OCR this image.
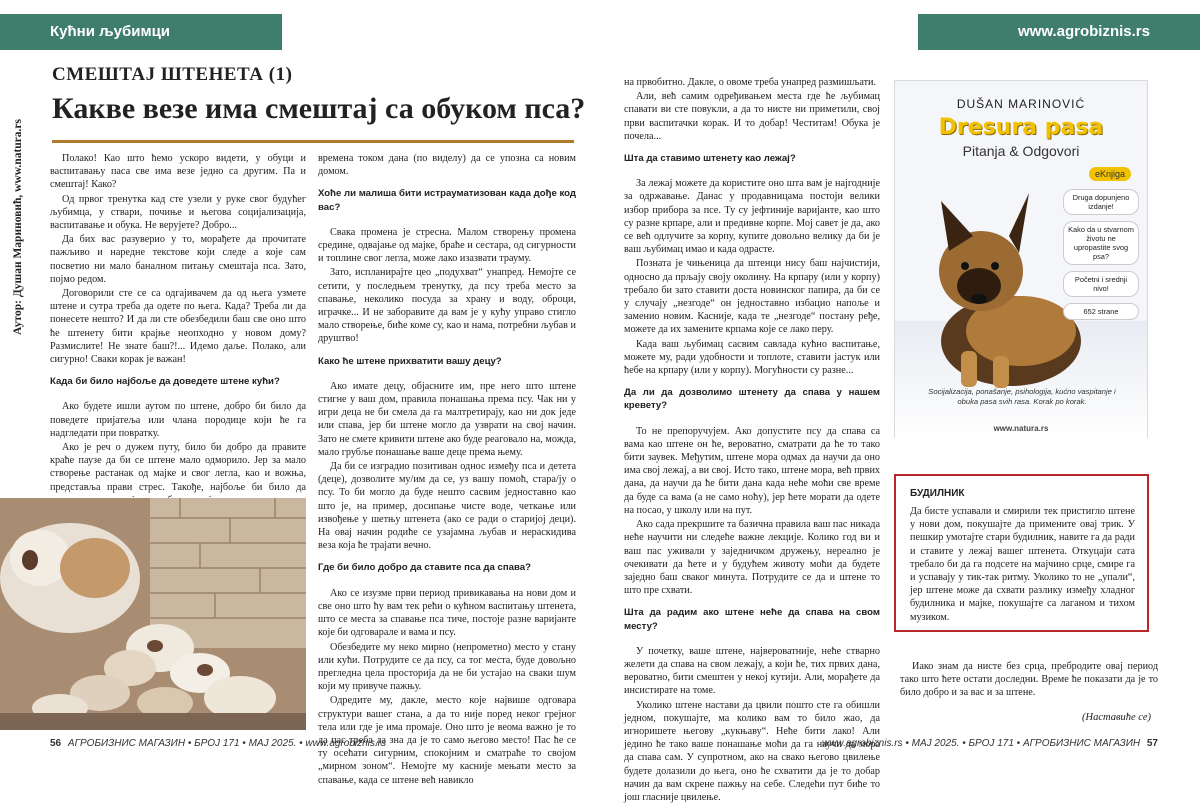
Кућни љубимци	www.agrobiznis.rs
Аутор: Душан Мариновић, www.natura.rs
СМЕШТАЈ ШТЕНЕТА (1)
Какве везе има смештај са обуком пса?

Полако! Као што ћемо ускоро видети, у обуци и васпитавању паса све има везе једно са другим. Па и смештај! Како?

Од првог тренутка кад сте узели у руке свог будућег љубимца, у ствари, почиње и његова социјализација, васпитавање и обука. Не верујете? Добро...

Да бих вас разуверио у то, морађете да прочитате пажљиво и наредне текстове који следе а које сам посветио ни мало баналном питању смештаја пса. Зато, појмо редом.

Договорили сте се са одгајивачем да од њега узмете штене и сутра треба да одете по њега. Када? Треба ли да понесете нешто? И да ли сте обезбедили баш све оно што ће штенету бити крајње неопходно у новом дому? Размислите! Не знате баш?!... Идемо даље. Полако, али сигурно! Сваки корак је важан!

Када би било најбоље да доведете штене кући?

Ако будете ишли аутом по штене, добро би било да поведете пријатеља или члана породице који ће га надгледати при повратку.

Ако је реч о дужем путу, било би добро да правите краће паузе да би се штене мало одморило. Јер за мало створење растанак од мајке и свог легла, као и вожња, представља прави стрес. Такође, најбоље би било да

времена током дана (по виделу) да се упозна са новим домом.

Хоће ли малиша бити истрауматизован када дође код вас?

Свака промена је стресна. Малом створењу промена средине, одвајање од мајке, браће и сестара, од сигурности и топлине свог легла, може лако изазвати трауму.

Зато, испланирајте цео „подухват“ унапред. Немојте се сетити, у последњем тренутку, да псу треба место за спавање, неколико посуда за храну и воду, оброци, играчке... И не заборавите да вам је у кућу управо стигло мало створење, биће коме су, као и нама, потребни љубав и друштво!

Како ће штене прихватити вашу децу?

Ако имате децу, објасните им, пре него што штене стигне у ваш дом, правила понашања према псу. Чак ни у игри деца не би смела да га малтретирају, као ни док једе или спава, јер би штене могло да узврати на свој начин. Зато не смете кривити штене ако буде реаговало на, можда, мало грубље понашање ваше деце према њему.

Да би се изградио позитиван однос између пса и детета (деце), дозволите му/им да се, уз вашу помоћ, стара/ју о псу. То би могло да буде нешто сасвим једноставно као што је, на пример, досипање чисте воде, четкање или извођење у шетњу штенета (ако се ради о старијој деци). На овај начин родиће се узајамна љубав и нераскидива веза која ће трајати вечно.

Где би било добро да ставите пса да спава?

Ако се изузме први период привикавања на нови дом и све оно што ћу вам тек рећи о кућном васпитању штенета, што се места за спавање пса тиче, постоје разне варијанте које би одговарале и вама и псу.

Обезбедите му неко мирно (непрометно) место у стану или кући. Потрудите се да псу, са тог места, буде довољно прегледна цела просторија да не би устајао на сваки шум који му привуче пажњу.

Одредите му, дакле, место које највише одговара структури вашег стана, а да то није поред неког грејног тела или где је има промаје. Оно што је веома важно је то да пас треба да зна да је то само његово место! Пас ће се ту осећати сигурним, спокојним и сматраће то својом „мирном зоном“. Немојте му касније мењати место за спавање, када се штене већ навикло

на првобитно. Дакле, о овоме треба унапред размишљати.

Али, већ самим одређивањем места где ће љубимац спавати ви сте повукли, а да то нисте ни приметили, свој први васпитачки корак. И то добар! Честитам! Обука је почела...

Шта да ставимо штенету као лежај?

За лежај можете да користите оно шта вам је најгодније за одржавање. Данас у продавницама постоји велики избор прибора за псе. Ту су јефтиније варијанте, као што су разне крпаре, али и предивне корпе. Мој савет је да, ако се већ одлучите за корпу, купите довољно велику да би је ваш љубимац имао и када одрасте.

Позната је чињеница да штенци нису баш најчистији, односно да прљају своју околину. На крпару (или у корпу) требало би зато ставити доста новинског папира, да би се у случају „незгоде“ он једноставно избацио напоље и заменио новим. Касније, када те „незгоде“ постану ређе, можете да их замените крпама које се лако перу.

Када ваш љубимац сасвим савлада кућно васпитање, можете му, ради удобности и топлоте, ставити јастук или ћебе на крпару (или у корпу). Могућности су разне...

Да ли да дозволимо штенету да спава у нашем кревету?

То не препоручујем. Ако допустите псу да спава са вама као штене он ће, вероватно, сматрати да ће то тако бити заувек. Међутим, штене мора одмах да научи да оно има свој лежај, а ви свој. Исто тако, штене мора, већ првих дана, да научи да ће бити дана када неће моћи све време да буде са вама (а не само ноћу), јер ћете морати да одете на посао, у школу или на пут.

Ако сада прекршите та базична правила ваш пас никада неће научити ни следеће важне лекције. Колико год ви и ваш пас уживали у заједничком дружењу, нереално је очекивати да ћете и у будућем животу моћи да будете заједно баш сваког минута. Потрудите се да и штене то што пре схвати.

Шта да радим ако штене неће да спава на свом месту?

У почетку, ваше штене, највероватније, неће стварно желети да спава на свом лежају, а који ће, тих првих дана, вероватно, бити смештен у некој кутији. Али, морађете да инсистирате на томе.

Уколико штене настави да цвили пошто сте га обишли једном, покушајте, ма колико вам то било жао, да игноришете његову „кукњаву“. Неће бити лако! Али једино ће тако ваше понашање моћи да га научи да мора да спава сам. У супротном, ако на свако његово цвилење будете долазили до њега, оно ће схватити да је то добар начин да вам скрене пажњу на себе. Следећи пут биће то још гласније цвилење.

DUŠAN MARINOVIĆ
Dresura pasa
Pitanja & Odgovori
eKnjiga
Druga dopunjeno izdanje!
Kako da u stvarnom životu ne upropastite svog psa?
Početni i srednji nivo!
652 strane
Socijalizacija, ponašanje, psihologija, kućno vaspitanje i obuka pasa svih rasa. Korak po korak.
www.natura.rs
БУДИЛНИК

Да бисте успавали и смирили тек пристигло штене у нови дом, покушајте да примените овај трик. У пешкир умотајте стари будилник, навите га да ради и ставите у лежај вашег штенета. Откуцаји сата требало би да га подсете на мајчино срце, смире га и успавају у тик-так ритму. Уколико то не „упали“, јер штене може да схвати разлику између хладног будилника и мајке, покушајте са лаганом и тихом музиком.

Иако знам да нисте без срца, пребродите овај период тако што ћете остати доследни. Време ће показати да је то било добро и за вас и за штене.

(Наставиће се)
56 АГРОБИЗНИС МАГАЗИН • БРОЈ 171 • МАЈ 2025. • www.agrobiznis.rs	www.agrobiznis.rs • МАЈ 2025. • БРОЈ 171 • АГРОБИЗНИС МАГАЗИН 57
